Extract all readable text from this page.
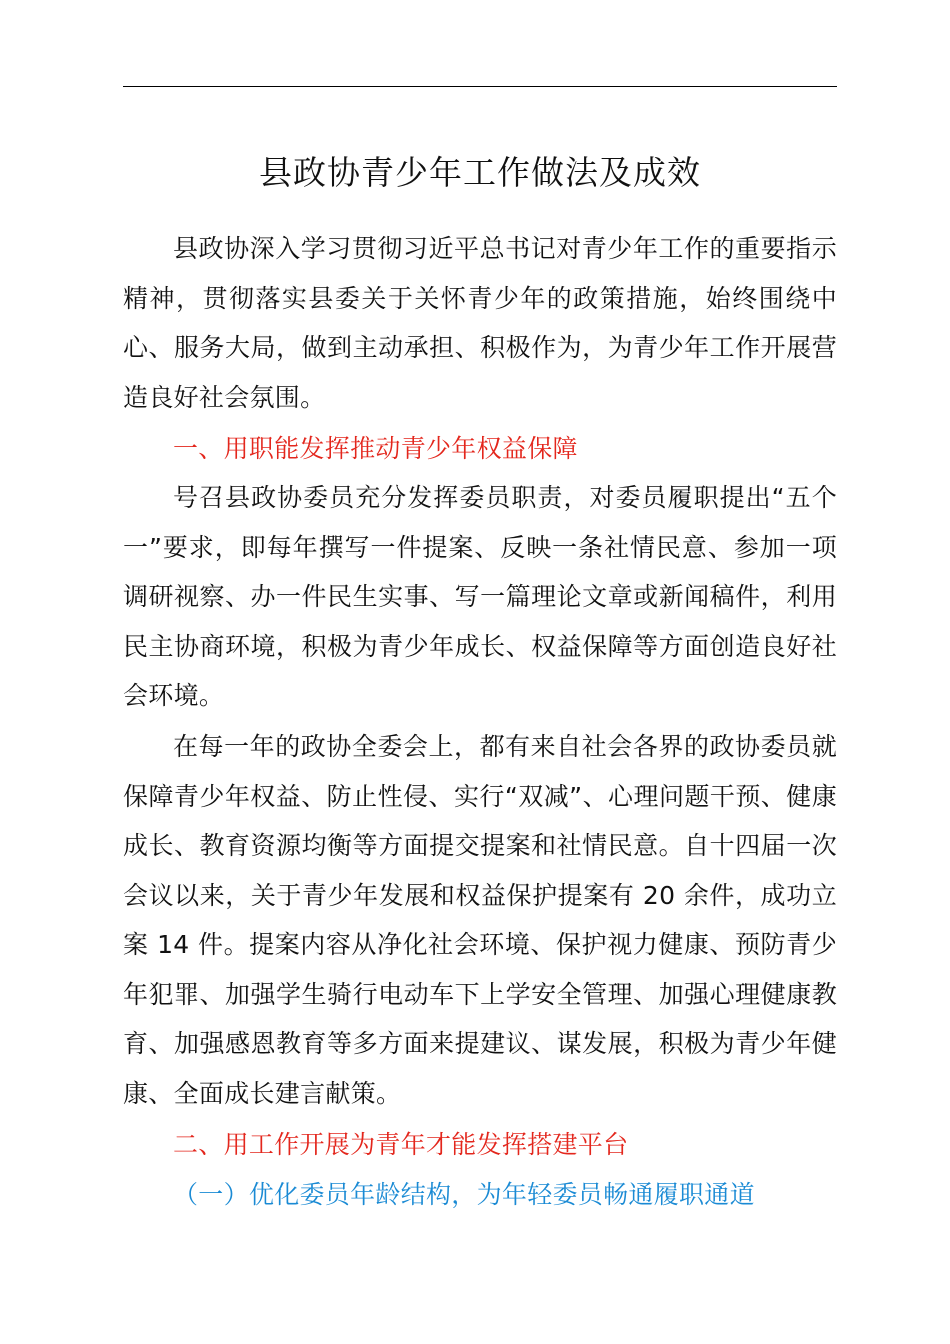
县政协青少年工作做法及成效

县政协深入学习贯彻习近平总书记对青少年工作的重要指示精神，贯彻落实县委关于关怀青少年的政策措施，始终围绕中心、服务大局，做到主动承担、积极作为，为青少年工作开展营造良好社会氛围。

一、用职能发挥推动青少年权益保障

号召县政协委员充分发挥委员职责，对委员履职提出“五个一”要求，即每年撰写一件提案、反映一条社情民意、参加一项调研视察、办一件民生实事、写一篇理论文章或新闻稿件，利用民主协商环境，积极为青少年成长、权益保障等方面创造良好社会环境。

在每一年的政协全委会上，都有来自社会各界的政协委员就保障青少年权益、防止性侵、实行“双减”、心理问题干预、健康成长、教育资源均衡等方面提交提案和社情民意。自十四届一次会议以来，关于青少年发展和权益保护提案有 20 余件，成功立案 14 件。提案内容从净化社会环境、保护视力健康、预防青少年犯罪、加强学生骑行电动车下上学安全管理、加强心理健康教育、加强感恩教育等多方面来提建议、谋发展，积极为青少年健康、全面成长建言献策。

二、用工作开展为青年才能发挥搭建平台

（一）优化委员年龄结构，为年轻委员畅通履职通道
